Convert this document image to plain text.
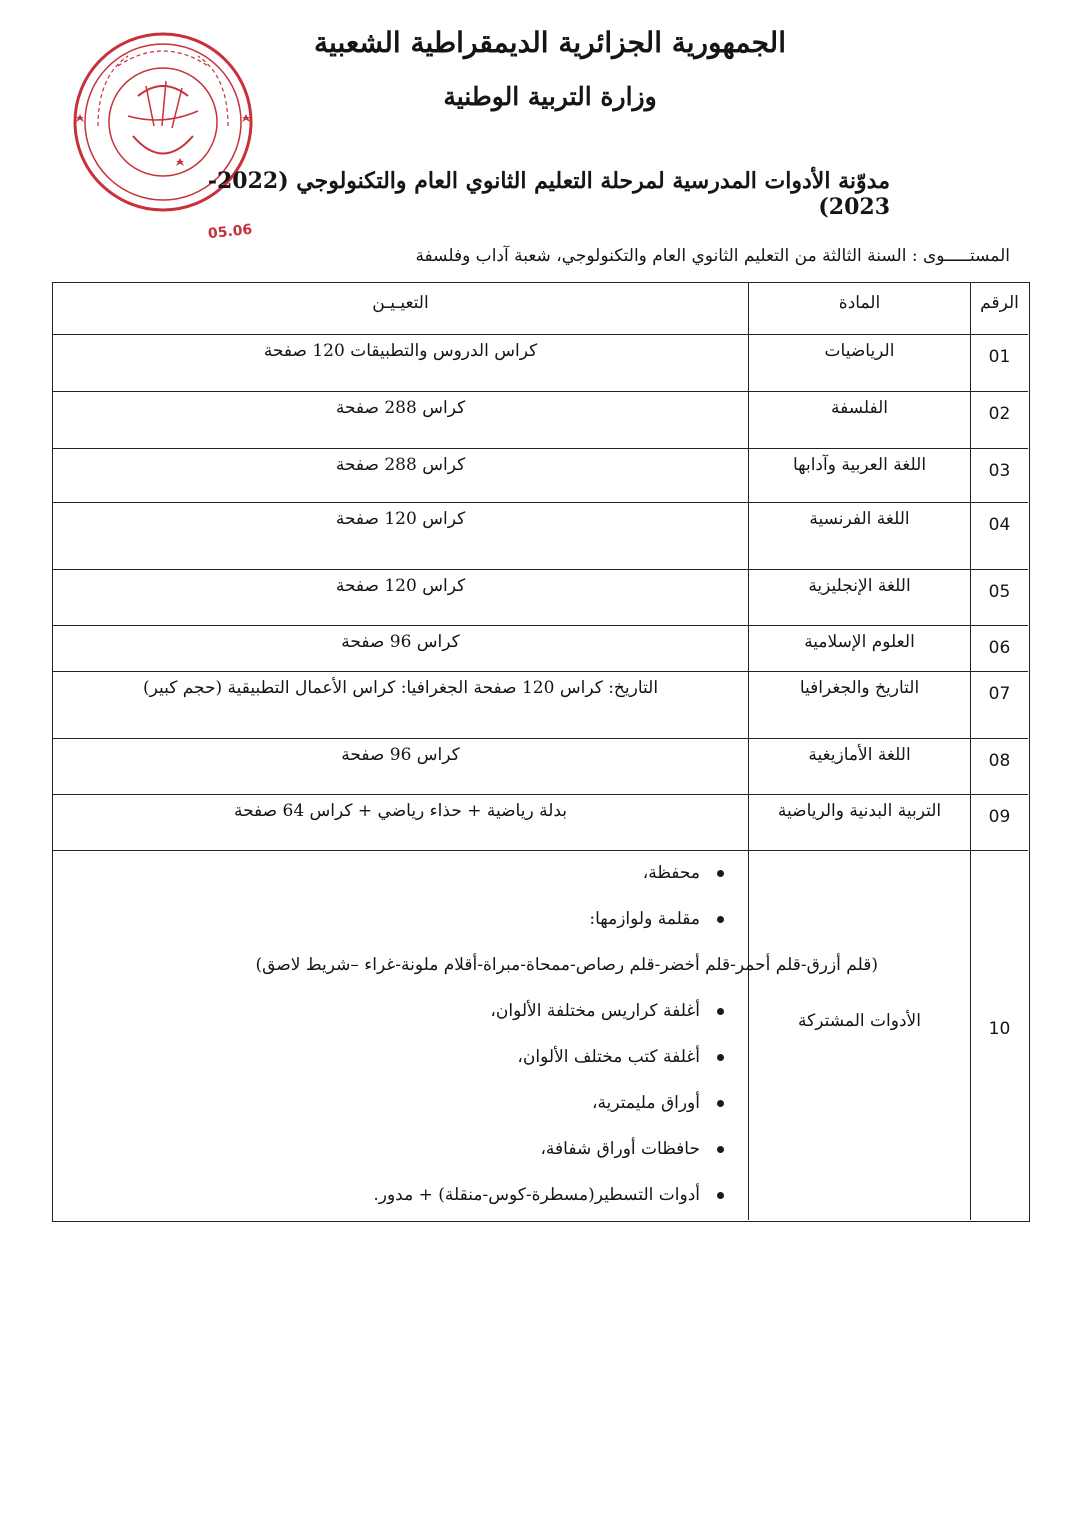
05.06
الجمهورية الجزائرية الديمقراطية الشعبية
وزارة التربية الوطنية
مدوّنة الأدوات المدرسية لمرحلة التعليم الثانوي العام والتكنولوجي (2022-2023)
المستـــــوى : السنة الثالثة من التعليم الثانوي العام والتكنولوجي، شعبة آداب وفلسفة
الرقم
المادة
التعيـيـن
01
الرياضيات
كراس الدروس والتطبيقات 120 صفحة
02
الفلسفة
كراس 288 صفحة
03
اللغة العربية وآدابها
كراس 288 صفحة
04
اللغة الفرنسية
كراس 120 صفحة
05
اللغة الإنجليزية
كراس 120 صفحة
06
العلوم الإسلامية
كراس 96 صفحة
07
التاريخ والجغرافيا
التاريخ: كراس 120 صفحة الجغرافيا: كراس الأعمال التطبيقية (حجم كبير)
08
اللغة الأمازيغية
كراس 96 صفحة
09
التربية البدنية والرياضية
بدلة رياضية + حذاء رياضي + كراس 64 صفحة
10
الأدوات المشتركة
محفظة،
مقلمة ولوازمها:
(قلم أزرق-قلم أحمر-قلم أخضر-قلم رصاص-ممحاة-مبراة-أقلام ملونة-غراء –شريط لاصق)
أغلفة كراريس مختلفة الألوان،
أغلفة كتب مختلف الألوان،
أوراق مليمترية،
حافظات أوراق شفافة،
أدوات التسطير(مسطرة-كوس-منقلة) + مدور.
